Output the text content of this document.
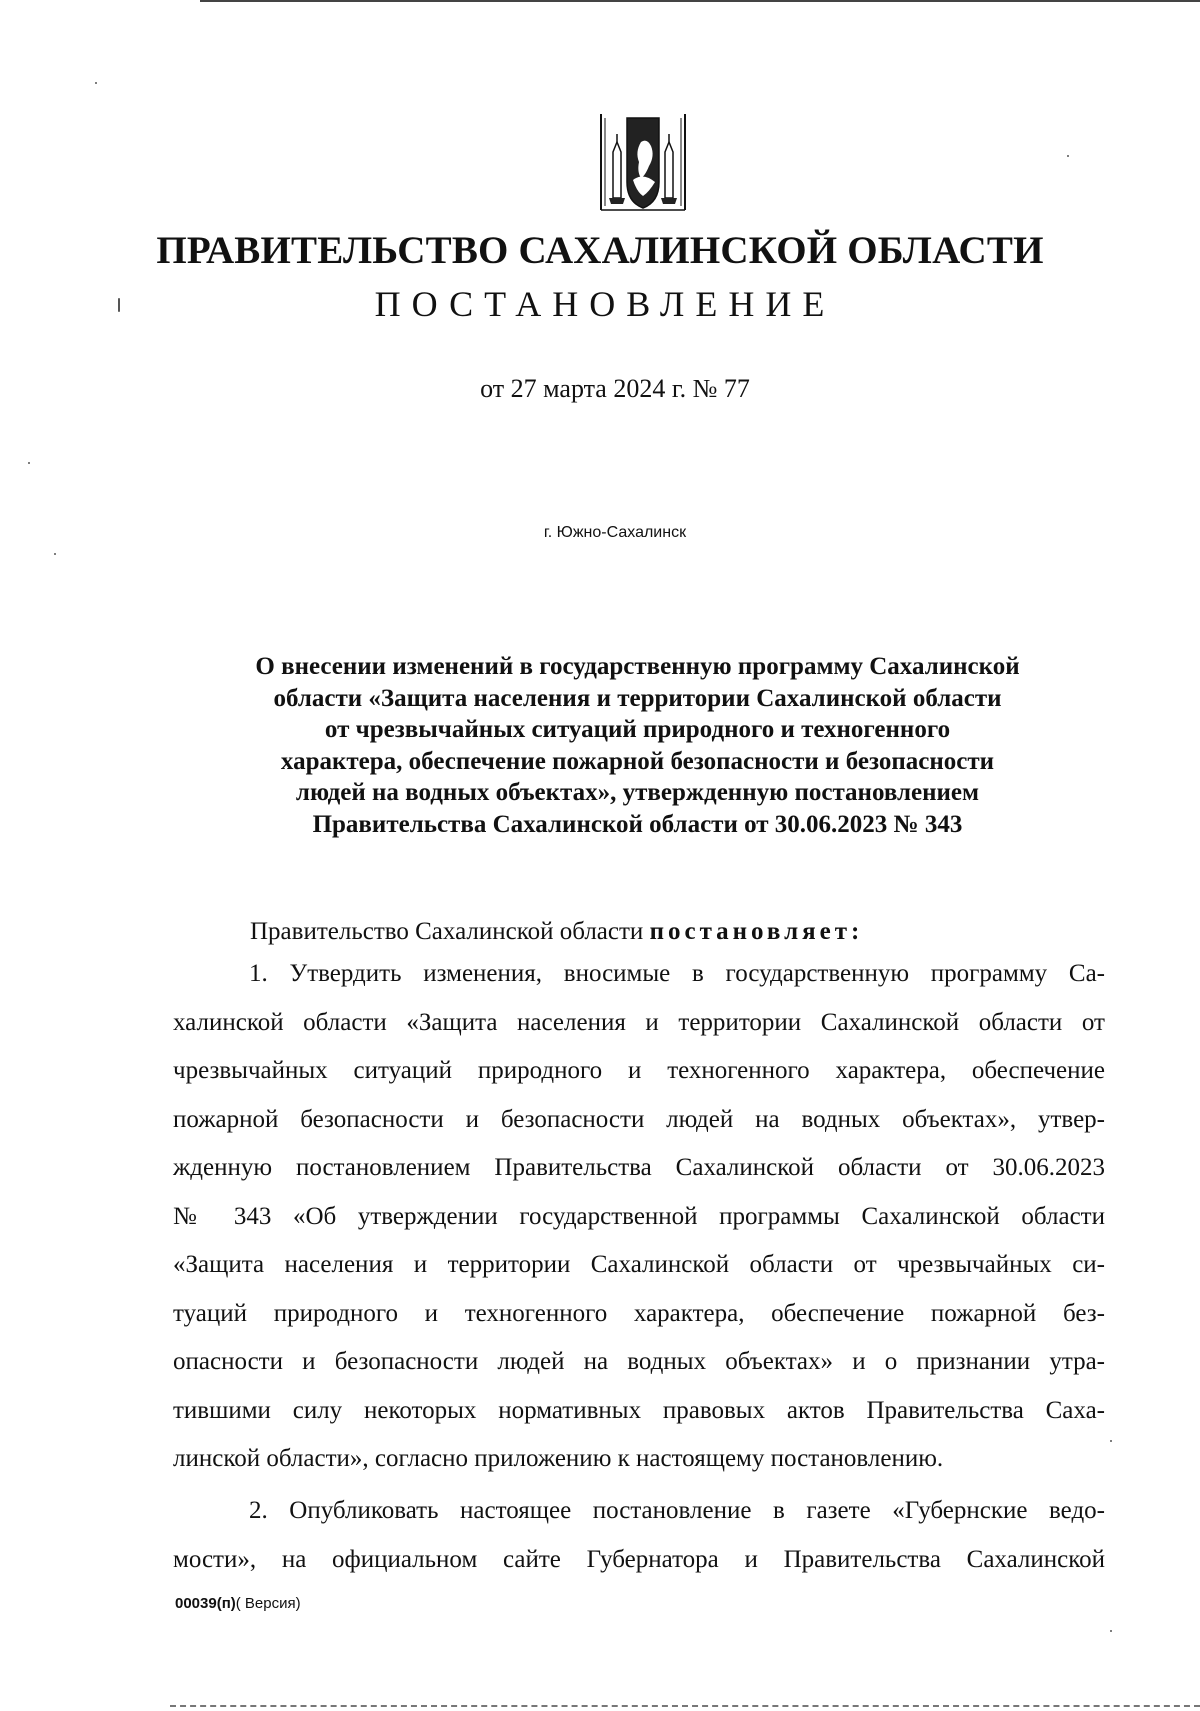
ПРАВИТЕЛЬСТВО САХАЛИНСКОЙ ОБЛАСТИ
ПОСТАНОВЛЕНИЕ
от 27 марта 2024 г. № 77
г. Южно-Сахалинск
О внесении изменений в государственную программу Сахалинской
области «Защита населения и территории Сахалинской области
от чрезвычайных ситуаций природного и техногенного
характера, обеспечение пожарной безопасности и безопасности
людей на водных объектах», утвержденную постановлением
Правительства Сахалинской области от 30.06.2023 № 343
Правительство Сахалинской области постановляет:
1. Утвердить изменения, вносимые в государственную программу Са-
халинской области «Защита населения и территории Сахалинской области от
чрезвычайных ситуаций природного и техногенного характера, обеспечение
пожарной безопасности и безопасности людей на водных объектах», утвер-
жденную постановлением Правительства Сахалинской области от 30.06.2023
№ 343 «Об утверждении государственной программы Сахалинской области
«Защита населения и территории Сахалинской области от чрезвычайных си-
туаций природного и техногенного характера, обеспечение пожарной без-
опасности и безопасности людей на водных объектах» и о признании утра-
тившими силу некоторых нормативных правовых актов Правительства Саха-
линской области», согласно приложению к настоящему постановлению.
2. Опубликовать настоящее постановление в газете «Губернские ведо-
мости», на официальном сайте Губернатора и Правительства Сахалинской
00039(п)( Версия)
